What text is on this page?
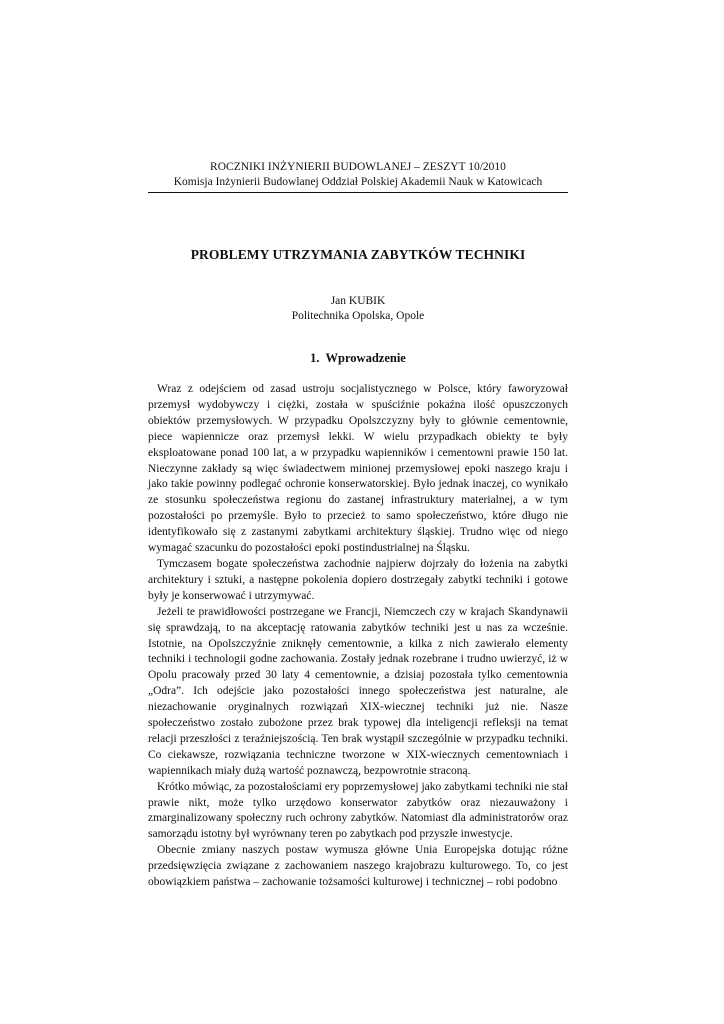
ROCZNIKI INŻYNIERII BUDOWLANEJ – ZESZYT 10/2010
Komisja Inżynierii Budowlanej Oddział Polskiej Akademii Nauk w Katowicach
PROBLEMY UTRZYMANIA ZABYTKÓW TECHNIKI
Jan KUBIK
Politechnika Opolska, Opole
1. Wprowadzenie

Wraz z odejściem od zasad ustroju socjalistycznego w Polsce, który faworyzował przemysł wydobywczy i ciężki, została w spuściźnie pokaźna ilość opuszczonych obiektów przemysłowych. W przypadku Opolszczyzny były to głównie cementownie, piece wapiennicze oraz przemysł lekki. W wielu przypadkach obiekty te były eksploatowane ponad 100 lat, a w przypadku wapienników i cementowni prawie 150 lat. Nieczynne zakłady są więc świadectwem minionej przemysłowej epoki naszego kraju i jako takie powinny podlegać ochronie konserwatorskiej. Było jednak inaczej, co wynikało ze stosunku społeczeństwa regionu do zastanej infrastruktury materialnej, a w tym pozostałości po przemyśle. Było to przecież to samo społeczeństwo, które długo nie identyfikowało się z zastanymi zabytkami architektury śląskiej. Trudno więc od niego wymagać szacunku do pozostałości epoki postindustrialnej na Śląsku.

Tymczasem bogate społeczeństwa zachodnie najpierw dojrzały do łożenia na zabytki architektury i sztuki, a następne pokolenia dopiero dostrzegały zabytki techniki i gotowe były je konserwować i utrzymywać.

Jeżeli te prawidłowości postrzegane we Francji, Niemczech czy w krajach Skandynawii się sprawdzają, to na akceptację ratowania zabytków techniki jest u nas za wcześnie. Istotnie, na Opolszczyźnie zniknęły cementownie, a kilka z nich zawierało elementy techniki i technologii godne zachowania. Zostały jednak rozebrane i trudno uwierzyć, iż w Opolu pracowały przed 30 laty 4 cementownie, a dzisiaj pozostała tylko cementownia „Odra”. Ich odejście jako pozostałości innego społeczeństwa jest naturalne, ale niezachowanie oryginalnych rozwiązań XIX-wiecznej techniki już nie. Nasze społeczeństwo zostało zubożone przez brak typowej dla inteligencji refleksji na temat relacji przeszłości z teraźniejszością. Ten brak wystąpił szczególnie w przypadku techniki. Co ciekawsze, rozwiązania techniczne tworzone w XIX-wiecznych cementowniach i wapiennikach miały dużą wartość poznawczą, bezpowrotnie straconą.

Krótko mówiąc, za pozostałościami ery poprzemysłowej jako zabytkami techniki nie stał prawie nikt, może tylko urzędowo konserwator zabytków oraz niezauważony i zmarginalizowany społeczny ruch ochrony zabytków. Natomiast dla administratorów oraz samorządu istotny był wyrównany teren po zabytkach pod przyszłe inwestycje.

Obecnie zmiany naszych postaw wymusza główne Unia Europejska dotując różne przedsięwzięcia związane z zachowaniem naszego krajobrazu kulturowego. To, co jest obowiązkiem państwa – zachowanie tożsamości kulturowej i technicznej – robi podobno
